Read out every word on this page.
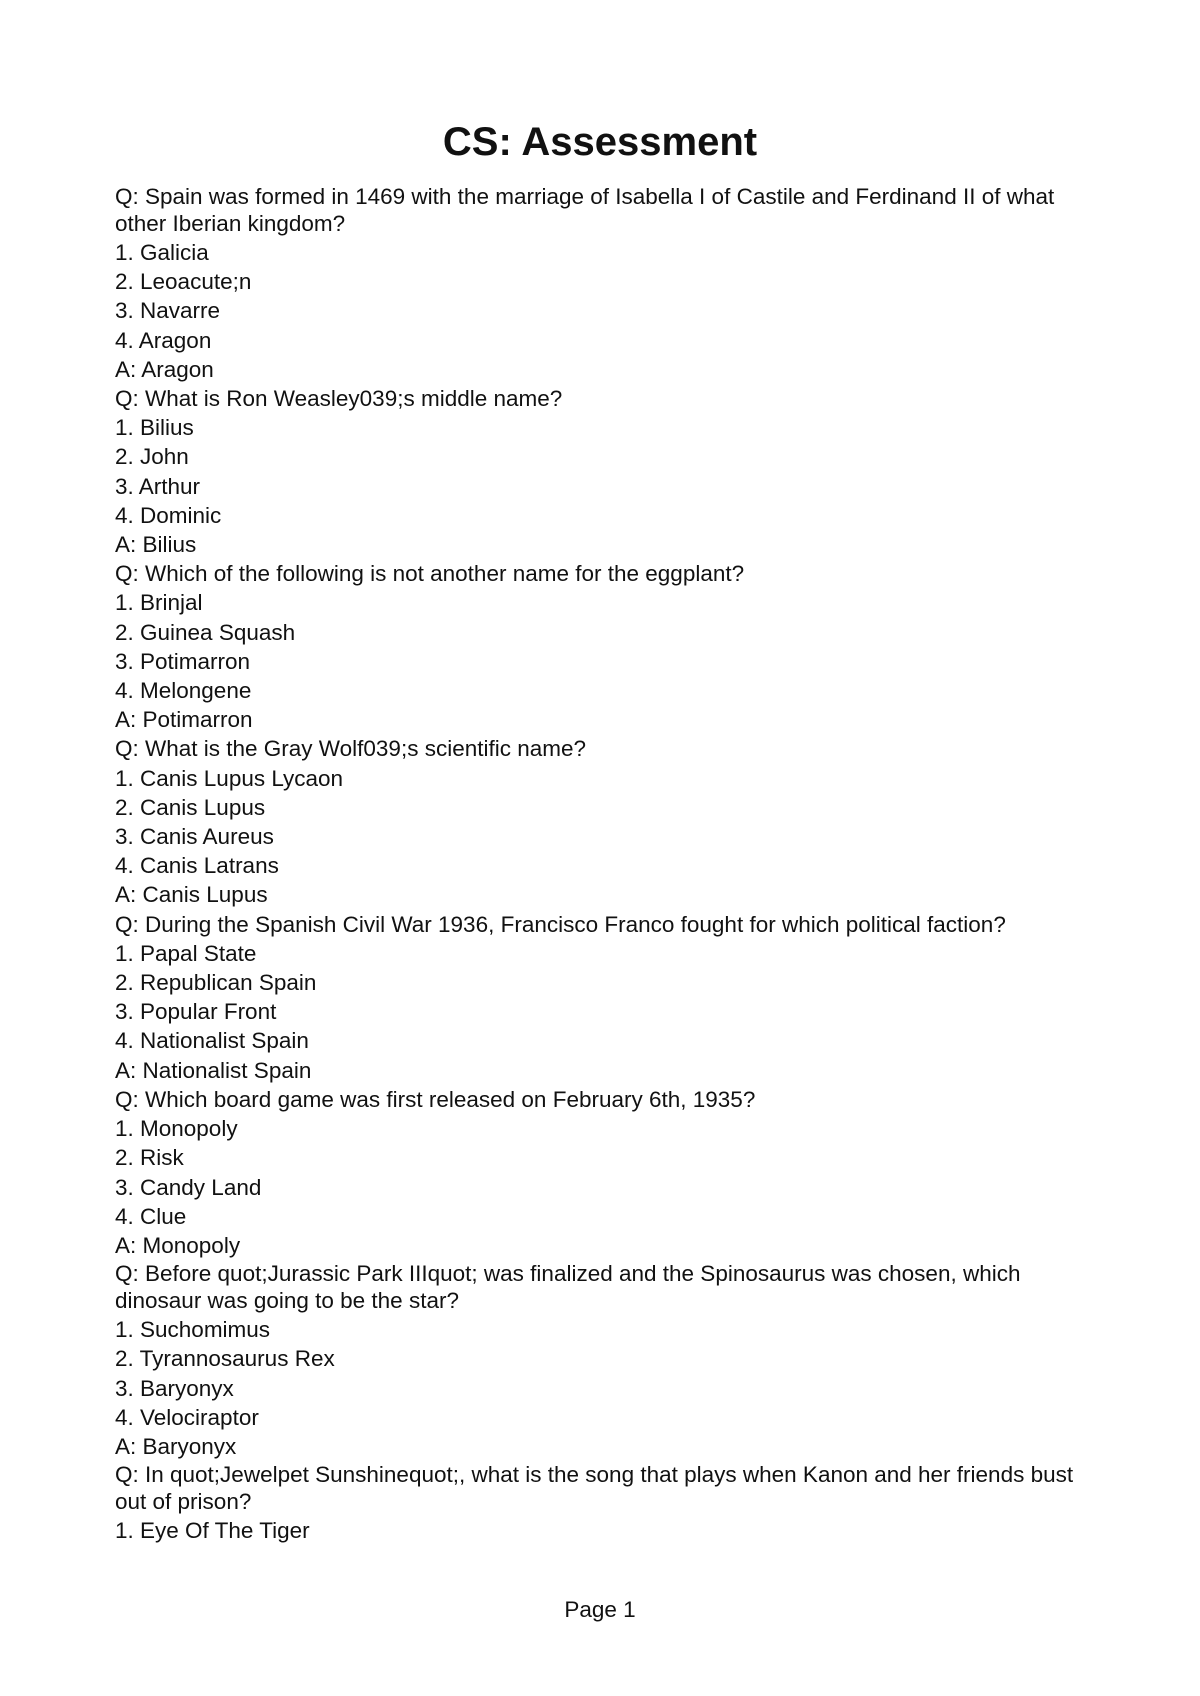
CS: Assessment
Q: Spain was formed in 1469 with the marriage of Isabella I of Castile and Ferdinand II of what other Iberian kingdom?
1. Galicia
2. Leoacute;n
3. Navarre
4. Aragon
A: Aragon
Q: What is Ron Weasley039;s middle name?
1. Bilius
2. John
3. Arthur
4. Dominic
A: Bilius
Q: Which of the following is not another name for the eggplant?
1. Brinjal
2. Guinea Squash
3. Potimarron
4. Melongene
A: Potimarron
Q: What is the Gray Wolf039;s scientific name?
1. Canis Lupus Lycaon
2. Canis Lupus
3. Canis Aureus
4. Canis Latrans
A: Canis Lupus
Q: During the Spanish Civil War 1936, Francisco Franco fought for which political faction?
1. Papal State
2. Republican Spain
3. Popular Front
4. Nationalist Spain
A: Nationalist Spain
Q: Which board game was first released on February 6th, 1935?
1. Monopoly
2. Risk
3. Candy Land
4. Clue
A: Monopoly
Q: Before quot;Jurassic Park IIIquot; was finalized and the Spinosaurus was chosen, which dinosaur was going to be the star?
1. Suchomimus
2. Tyrannosaurus Rex
3. Baryonyx
4. Velociraptor
A: Baryonyx
Q: In quot;Jewelpet Sunshinequot;, what is the song that plays when Kanon and her friends bust out of prison?
1. Eye Of The Tiger
Page 1
